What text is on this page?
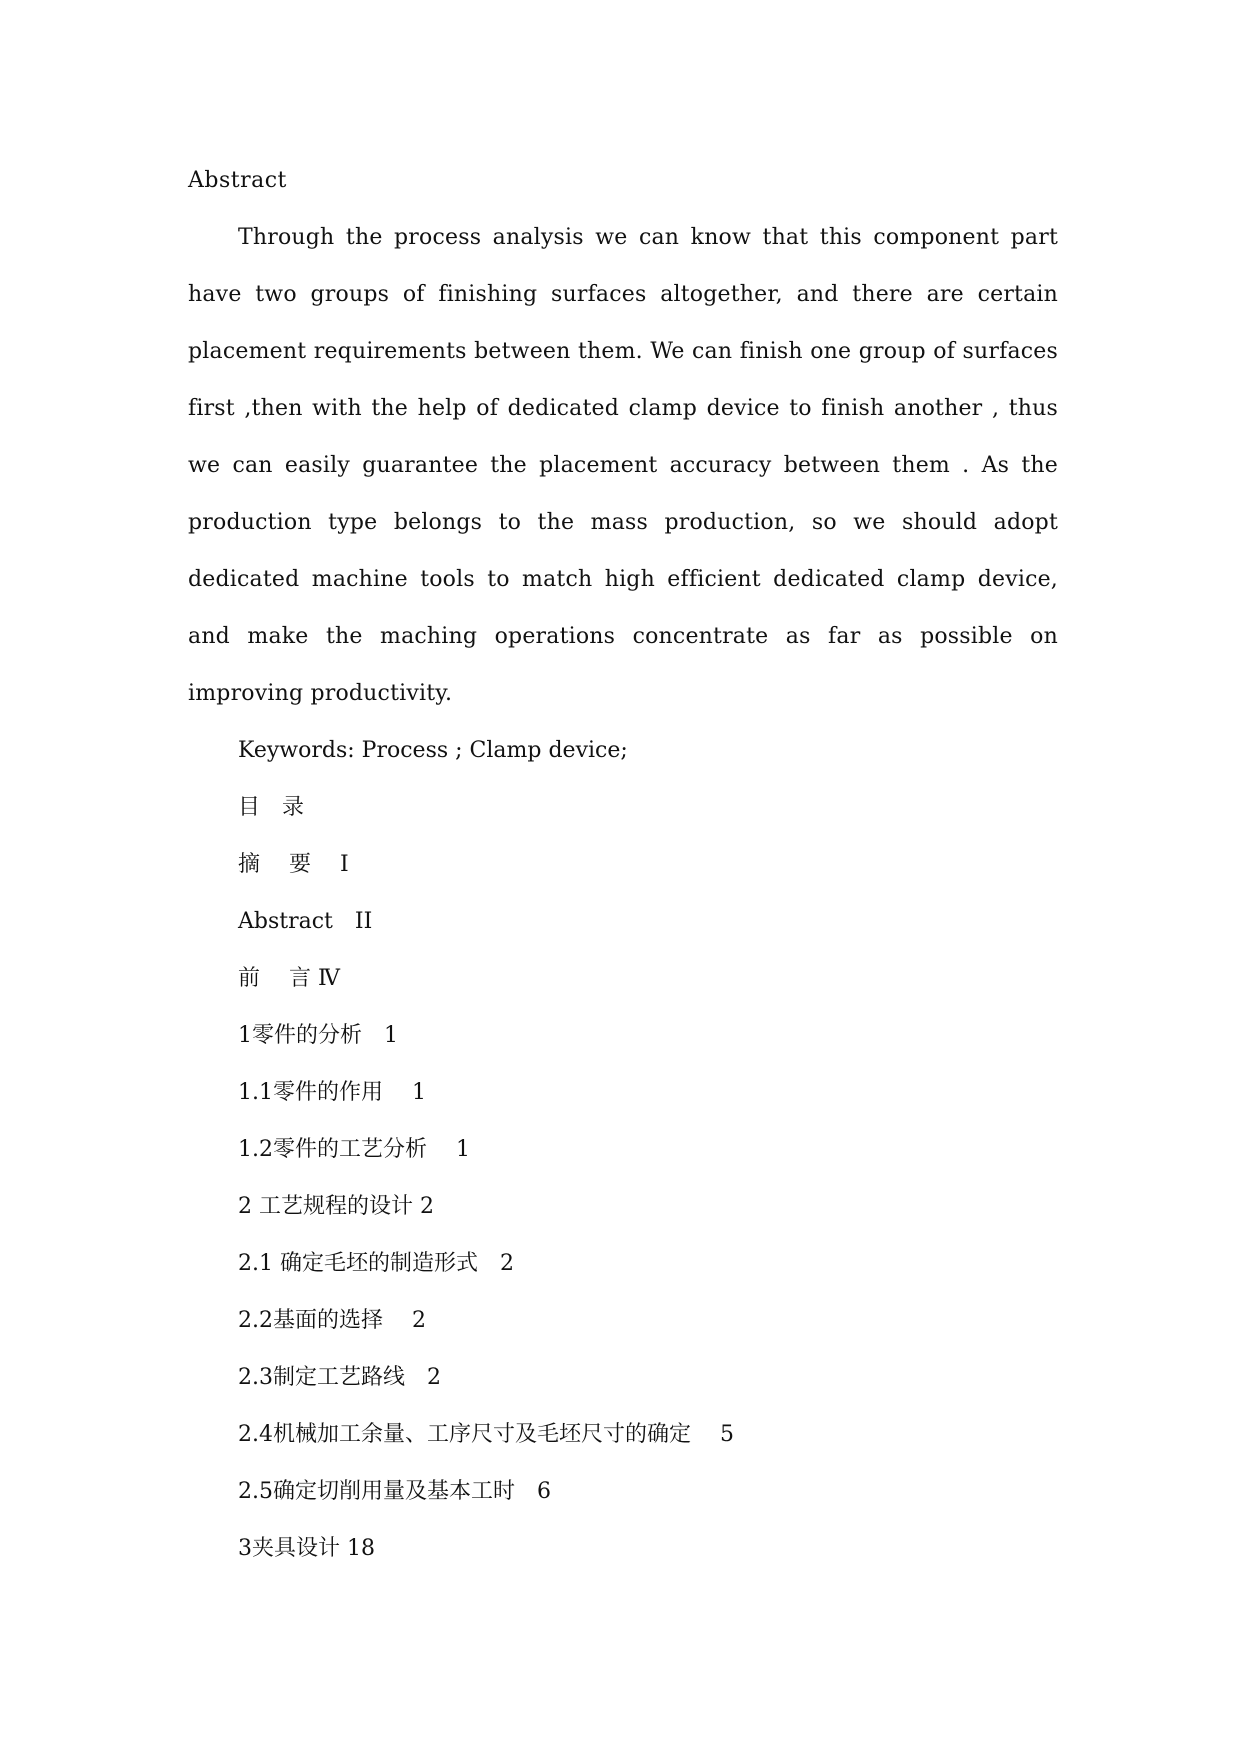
Abstract

Through the process analysis we can know that this component part have two groups of finishing surfaces altogether, and there are certain placement requirements between them. We can finish one group of surfaces first ,then with the help of dedicated clamp device to finish another , thus we can easily guarantee the placement accuracy between them . As the production type belongs to the mass production, so we should adopt dedicated machine tools to match high efficient dedicated clamp device, and make the maching operations concentrate as far as possible on improving productivity.

Keywords: Process ; Clamp device;
目　录
摘　 要　 I
Abstract　II
前　 言 Ⅳ
1零件的分析　1
1.1零件的作用　 1
1.2零件的工艺分析　 1
2 工艺规程的设计 2
2.1 确定毛坯的制造形式　2
2.2基面的选择　 2
2.3制定工艺路线　2
2.4机械加工余量、工序尺寸及毛坯尺寸的确定　 5
2.5确定切削用量及基本工时　6
3夹具设计 18
